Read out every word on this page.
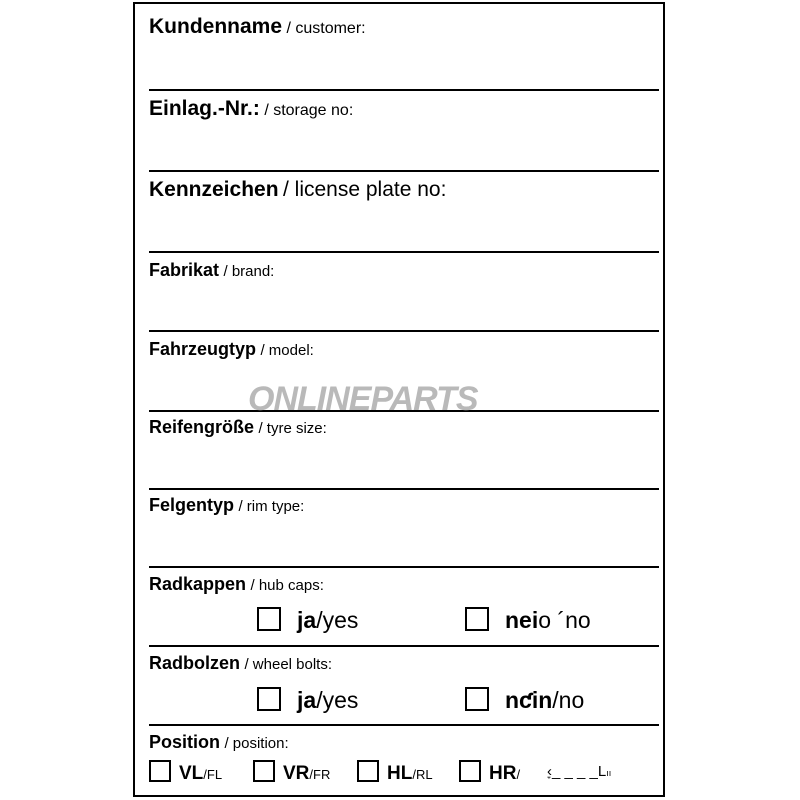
Kundenname / customer:
Einlag.-Nr.: / storage no:
Kennzeichen / license plate no:
Fabrikat / brand:
Fahrzeugtyp / model:
Reifengröße / tyre size:
Felgentyp / rim type:
Radkappen / hub caps:
ja/yes	neio ´no
Radbolzen / wheel bolts:
ja/yes	nƈin/no
Position / position:
VL/FL	VR/FR	HL/RL	HR/ ׇ‹_ _ _ _Lıı
ONLINEPARTS
